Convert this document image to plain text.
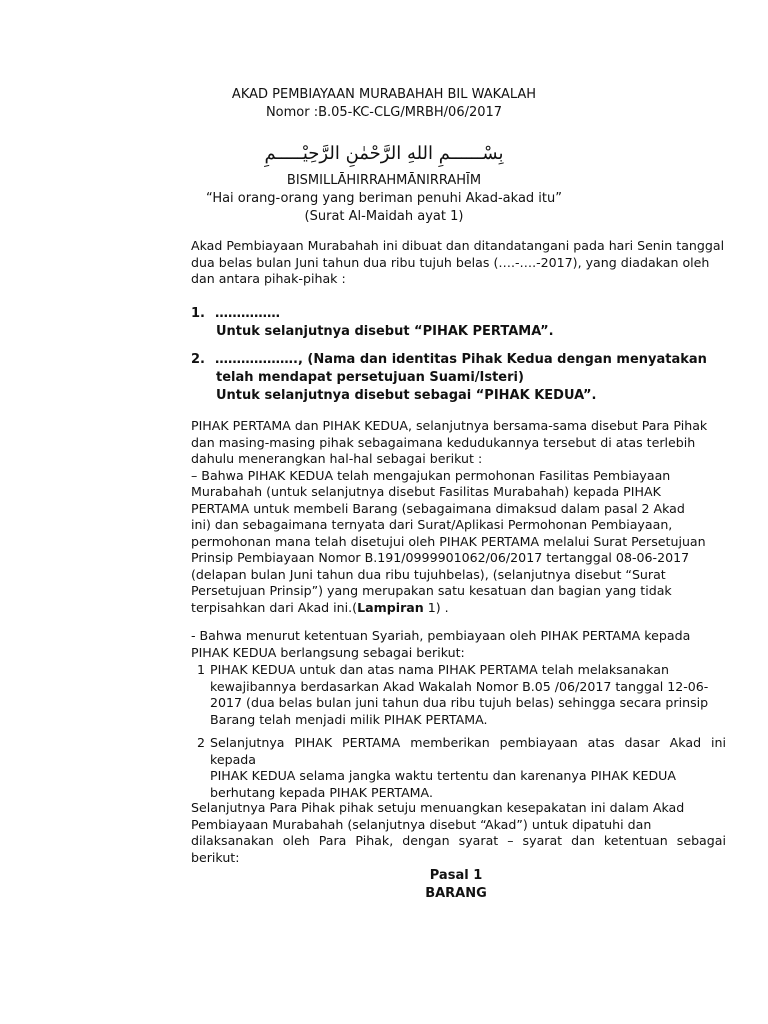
AKAD PEMBIAYAAN MURABAHAH BIL WAKALAH
Nomor :B.05-KC-CLG/MRBH/06/2017
بِسْــــــمِ اللهِ الرَّحْمٰنِ الرَّحِيْـــــمِ
BISMILLĀHIRRAHMĀNIRRAHĪM
“Hai orang-orang yang beriman penuhi Akad-akad itu”
(Surat Al-Maidah ayat 1)
Akad Pembiayaan Murabahah ini dibuat dan ditandatangani pada hari Senin tanggal
dua belas bulan Juni tahun dua ribu tujuh belas (….-….-2017), yang diadakan oleh
dan antara pihak-pihak :
1. ……………
Untuk selanjutnya disebut “PIHAK PERTAMA”.
2. ………………., (Nama dan identitas Pihak Kedua dengan menyatakan
telah mendapat persetujuan Suami/Isteri)
Untuk selanjutnya disebut sebagai “PIHAK KEDUA”.
PIHAK PERTAMA dan PIHAK KEDUA, selanjutnya bersama-sama disebut Para Pihak
dan masing-masing pihak sebagaimana kedudukannya tersebut di atas terlebih
dahulu menerangkan hal-hal sebagai berikut :
– Bahwa PIHAK KEDUA telah mengajukan permohonan Fasilitas Pembiayaan
Murabahah (untuk selanjutnya disebut Fasilitas Murabahah) kepada PIHAK
PERTAMA untuk membeli Barang (sebagaimana dimaksud dalam pasal 2 Akad
ini) dan sebagaimana ternyata dari Surat/Aplikasi Permohonan Pembiayaan,
permohonan mana telah disetujui oleh PIHAK PERTAMA melalui Surat Persetujuan
Prinsip Pembiayaan Nomor B.191/0999901062/06/2017 tertanggal 08-06-2017
(delapan bulan Juni tahun dua ribu tujuhbelas), (selanjutnya disebut “Surat
Persetujuan Prinsip”) yang merupakan satu kesatuan dan bagian yang tidak
terpisahkan dari Akad ini.(Lampiran 1) .
- Bahwa menurut ketentuan Syariah, pembiayaan oleh PIHAK PERTAMA kepada
PIHAK KEDUA berlangsung sebagai berikut:
1 PIHAK KEDUA untuk dan atas nama PIHAK PERTAMA telah melaksanakan
kewajibannya berdasarkan Akad Wakalah Nomor B.05 /06/2017 tanggal 12-06-
2017 (dua belas bulan juni tahun dua ribu tujuh belas) sehingga secara prinsip
Barang telah menjadi milik PIHAK PERTAMA.
2 Selanjutnya PIHAK PERTAMA memberikan pembiayaan atas dasar Akad ini kepada
PIHAK KEDUA selama jangka waktu tertentu dan karenanya PIHAK KEDUA
berhutang kepada PIHAK PERTAMA.
Selanjutnya Para Pihak pihak setuju menuangkan kesepakatan ini dalam Akad
Pembiayaan Murabahah (selanjutnya disebut “Akad”) untuk dipatuhi dan
dilaksanakan oleh Para Pihak, dengan syarat – syarat dan ketentuan sebagai berikut:
Pasal 1
BARANG
